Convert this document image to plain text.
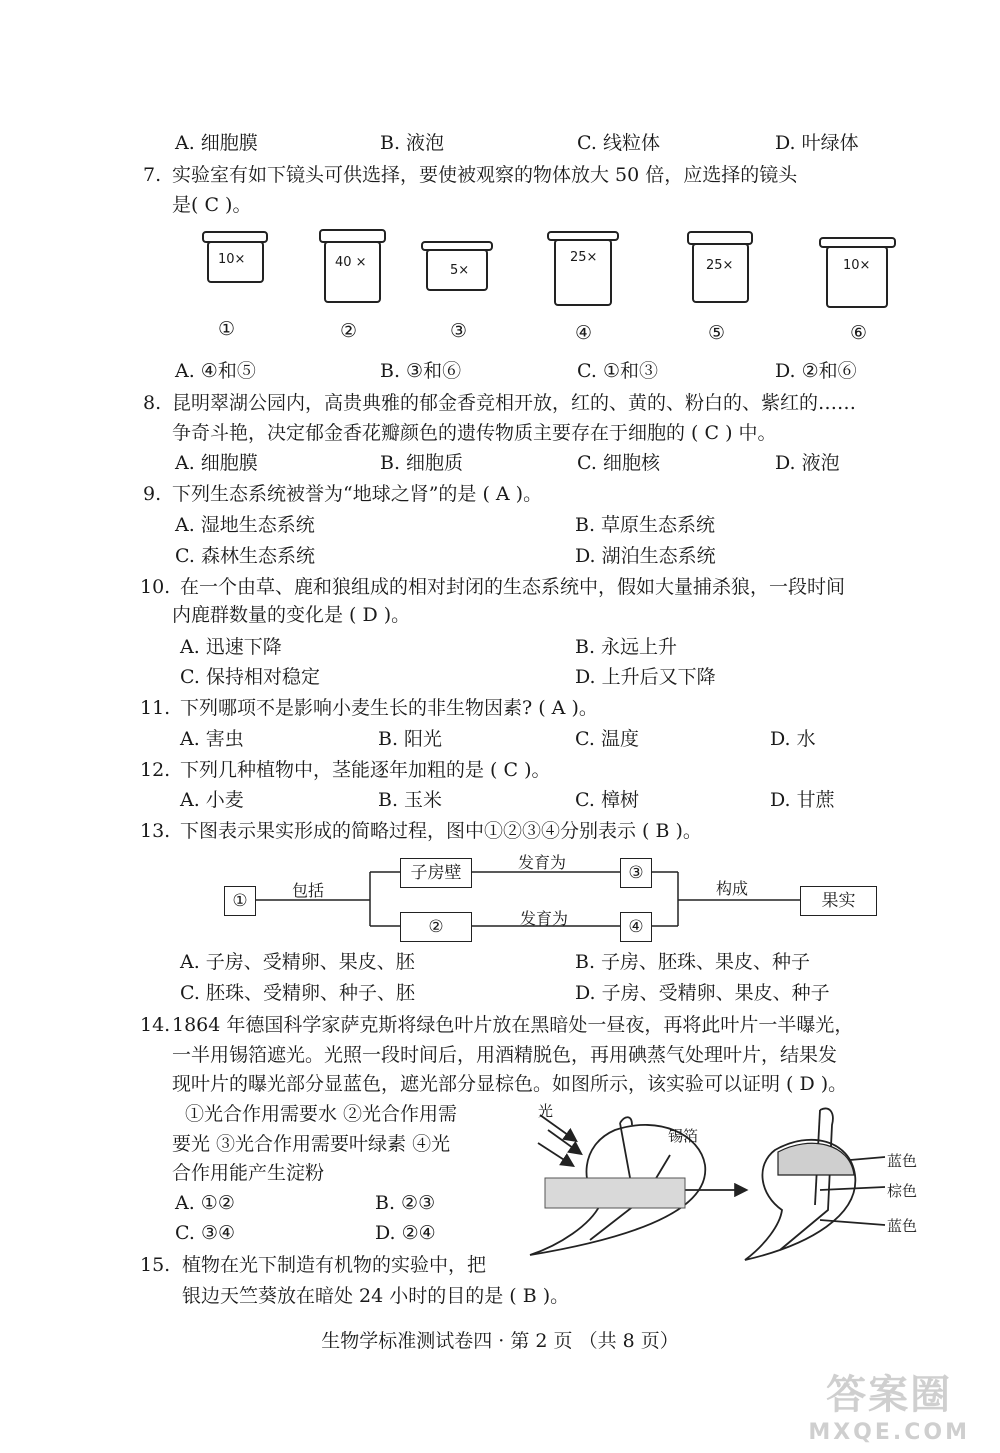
A. 细胞膜	B. 液泡	C. 线粒体	D. 叶绿体
7. 实验室有如下镜头可供选择，要使被观察的物体放大 50 倍，应选择的镜头
是( C )。
10×	40 ×
5×
25×
25×	10×
①	②	③	④	⑤	⑥
A. ④和⑤	B. ③和⑥	C. ①和③	D. ②和⑥
8. 昆明翠湖公园内，高贵典雅的郁金香竞相开放，红的、黄的、粉白的、紫红的……
争奇斗艳，决定郁金香花瓣颜色的遗传物质主要存在于细胞的 ( C ) 中。
A. 细胞膜	B. 细胞质	C. 细胞核	D. 液泡
9. 下列生态系统被誉为“地球之肾”的是 ( A )。
A. 湿地生态系统	B. 草原生态系统
C. 森林生态系统	D. 湖泊生态系统
10. 在一个由草、鹿和狼组成的相对封闭的生态系统中，假如大量捕杀狼，一段时间
内鹿群数量的变化是 ( D )。
A. 迅速下降	B. 永远上升
C. 保持相对稳定	D. 上升后又下降
11. 下列哪项不是影响小麦生长的非生物因素? ( A )。
A. 害虫	B. 阳光	C. 温度	D. 水
12. 下列几种植物中，茎能逐年加粗的是 ( C )。
A. 小麦	B. 玉米	C. 樟树	D. 甘蔗
13. 下图表示果实形成的简略过程，图中①②③④分别表示 ( B )。
①
子房壁
②
③
④
果实
包括
发育为
发育为
构成
A. 子房、受精卵、果皮、胚	B. 子房、胚珠、果皮、种子
C. 胚珠、受精卵、种子、胚	D. 子房、受精卵、果皮、种子
14. 1864 年德国科学家萨克斯将绿色叶片放在黑暗处一昼夜，再将此叶片一半曝光，
一半用锡箔遮光。光照一段时间后，用酒精脱色，再用碘蒸气处理叶片，结果发
现叶片的曝光部分显蓝色，遮光部分显棕色。如图所示，该实验可以证明 ( D )。
①光合作用需要水 ②光合作用需
要光 ③光合作用需要叶绿素 ④光
合作用能产生淀粉
A. ①②	B. ②③
C. ③④	D. ②④
光
锡箔
蓝色
棕色
蓝色
15. 植物在光下制造有机物的实验中，把
银边天竺葵放在暗处 24 小时的目的是 ( B )。
生物学标准测试卷四 · 第 2 页 （共 8 页）
答案圈
MXQE.COM
